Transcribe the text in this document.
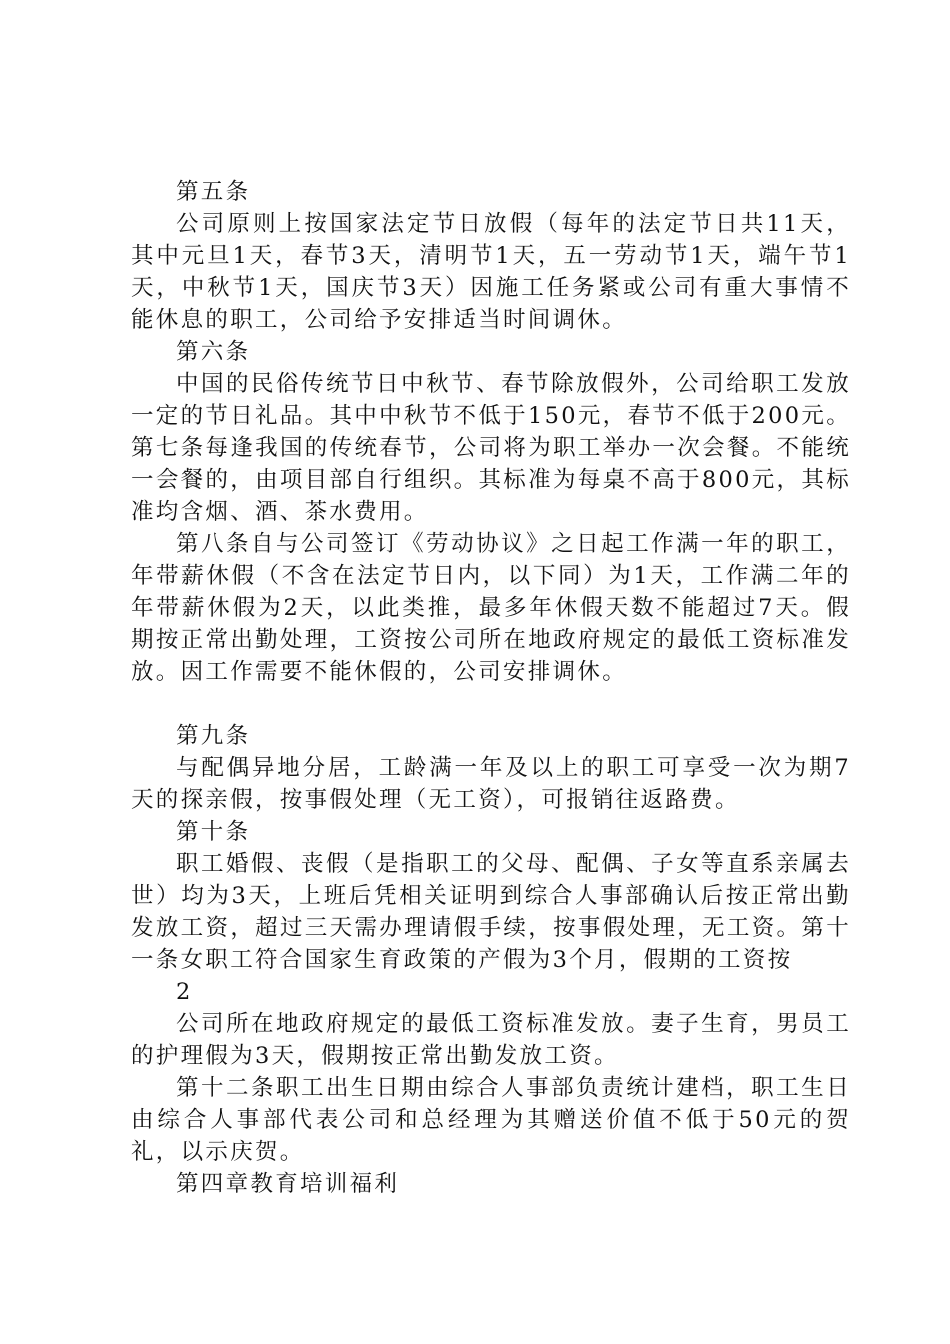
第五条

公司原则上按国家法定节日放假（每年的法定节日共11天，其中元旦1天，春节3天，清明节1天，五一劳动节1天，端午节1天，中秋节1天，国庆节3天）因施工任务紧或公司有重大事情不能休息的职工，公司给予安排适当时间调休。

第六条

中国的民俗传统节日中秋节、春节除放假外，公司给职工发放一定的节日礼品。其中中秋节不低于150元，春节不低于200元。第七条每逢我国的传统春节，公司将为职工举办一次会餐。不能统一会餐的，由项目部自行组织。其标准为每桌不高于800元，其标准均含烟、酒、茶水费用。

第八条自与公司签订《劳动协议》之日起工作满一年的职工，年带薪休假（不含在法定节日内，以下同）为1天，工作满二年的年带薪休假为2天，以此类推，最多年休假天数不能超过7天。假期按正常出勤处理，工资按公司所在地政府规定的最低工资标准发放。因工作需要不能休假的，公司安排调休。

第九条

与配偶异地分居，工龄满一年及以上的职工可享受一次为期7天的探亲假，按事假处理（无工资），可报销往返路费。

第十条

职工婚假、丧假（是指职工的父母、配偶、子女等直系亲属去世）均为3天，上班后凭相关证明到综合人事部确认后按正常出勤发放工资，超过三天需办理请假手续，按事假处理，无工资。第十一条女职工符合国家生育政策的产假为3个月，假期的工资按

2

公司所在地政府规定的最低工资标准发放。妻子生育，男员工的护理假为3天，假期按正常出勤发放工资。

第十二条职工出生日期由综合人事部负责统计建档，职工生日由综合人事部代表公司和总经理为其赠送价值不低于50元的贺礼，以示庆贺。

第四章教育培训福利
